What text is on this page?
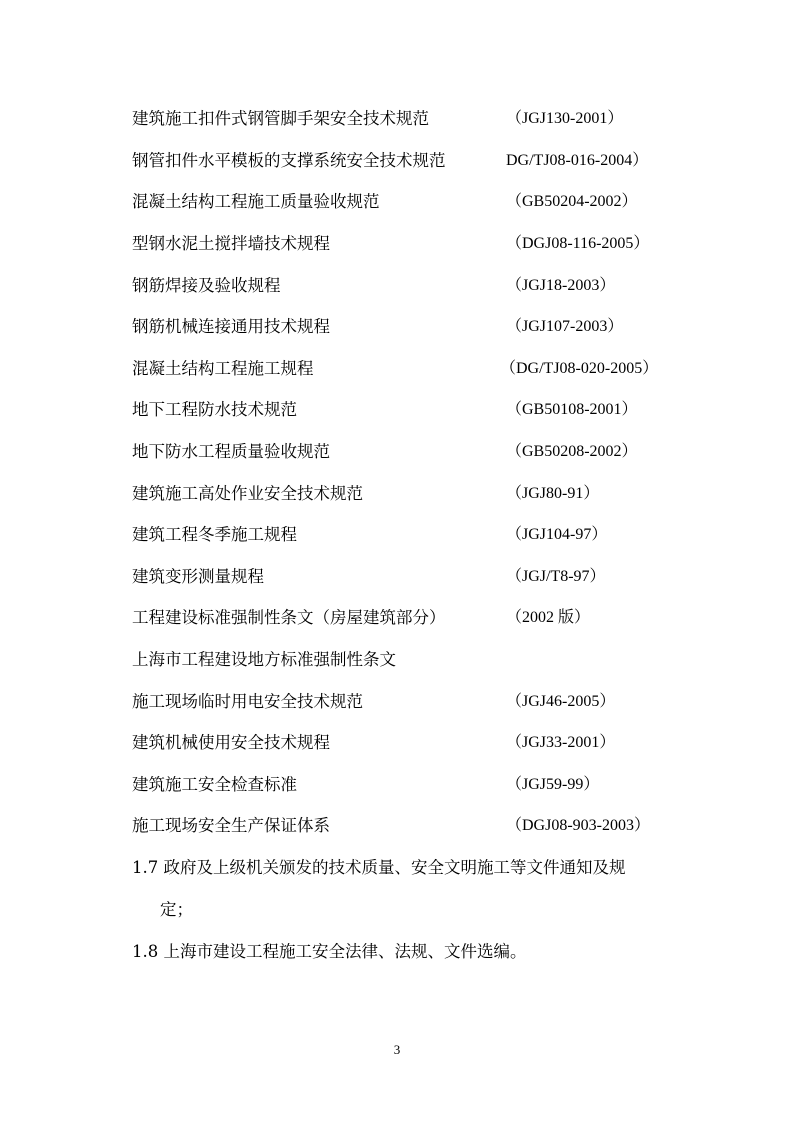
建筑施工扣件式钢管脚手架安全技术规范	（JGJ130-2001）
钢管扣件水平模板的支撑系统安全技术规范	DG/TJ08-016-2004）
混凝土结构工程施工质量验收规范	（GB50204-2002）
型钢水泥土搅拌墙技术规程	（DGJ08-116-2005）
钢筋焊接及验收规程	（JGJ18-2003）
钢筋机械连接通用技术规程	（JGJ107-2003）
混凝土结构工程施工规程	（DG/TJ08-020-2005）
地下工程防水技术规范	（GB50108-2001）
地下防水工程质量验收规范	（GB50208-2002）
建筑施工高处作业安全技术规范	（JGJ80-91）
建筑工程冬季施工规程	（JGJ104-97）
建筑变形测量规程	（JGJ/T8-97）
工程建设标准强制性条文（房屋建筑部分）	（2002 版）
上海市工程建设地方标准强制性条文
施工现场临时用电安全技术规范	（JGJ46-2005）
建筑机械使用安全技术规程	（JGJ33-2001）
建筑施工安全检查标准	（JGJ59-99）
施工现场安全生产保证体系	（DGJ08-903-2003）
1.7 政府及上级机关颁发的技术质量、安全文明施工等文件通知及规
定；
1.8 上海市建设工程施工安全法律、法规、文件选编。
3
